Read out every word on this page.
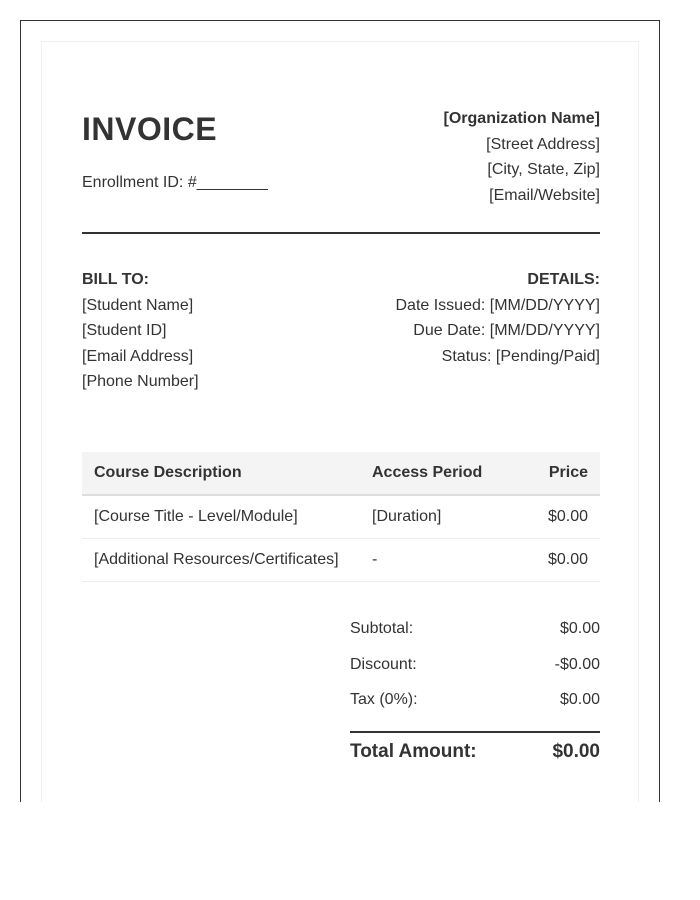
INVOICE
Enrollment ID: #________
[Organization Name]
[Street Address]
[City, State, Zip]
[Email/Website]
BILL TO:
[Student Name]
[Student ID]
[Email Address]
[Phone Number]
DETAILS:
Date Issued: [MM/DD/YYYY]
Due Date: [MM/DD/YYYY]
Status: [Pending/Paid]
Course Description	Access Period	Price
[Course Title - Level/Module]	[Duration]	$0.00
[Additional Resources/Certificates]	-	$0.00
Subtotal:	$0.00
Discount:	-$0.00
Tax (0%):	$0.00
Total Amount:	$0.00
